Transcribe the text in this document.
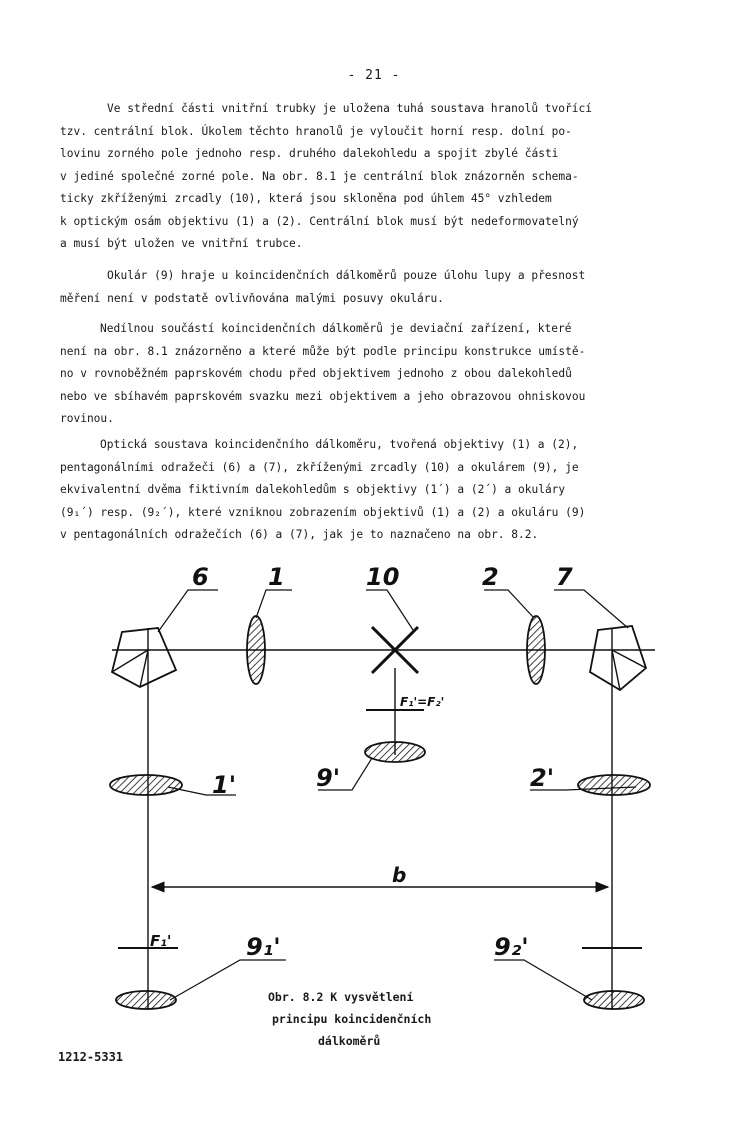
- 21 -
Ve střední části vnitřní trubky je uložena tuhá soustava hranolů tvořící
tzv. centrální blok. Úkolem těchto hranolů je vyloučit horní resp. dolní po-
lovinu zorného pole jednoho resp. druhého dalekohledu a spojit zbylé části
v jediné společné zorné pole. Na obr. 8.1 je centrální blok znázorněn schema-
ticky zkříženými zrcadly (10), která jsou skloněna pod úhlem 45° vzhledem
k optickým osám objektivu (1) a (2). Centrální blok musí být nedeformovatelný
a musí být uložen ve vnitřní trubce.
Okulár (9) hraje u koincidenčních dálkoměrů pouze úlohu lupy a přesnost
měření není v podstatě ovlivňována malými posuvy okuláru.
Nedílnou součástí koincidenčních dálkoměrů je deviační zařízení, které
není na obr. 8.1 znázorněno a které může být podle principu konstrukce umístě-
no v rovnoběžném paprskovém chodu před objektivem jednoho z obou dalekohledů
nebo ve sbíhavém paprskovém svazku mezi objektivem a jeho obrazovou ohniskovou
rovinou.
Optická soustava koincidenčního dálkoměru, tvořená objektivy (1) a (2),
pentagonálními odražeči (6) a (7), zkříženými zrcadly (10) a okulárem (9), je
ekvivalentní dvěma fiktivním dalekohledům s objektivy (1´) a (2´) a okuláry
(9₁´) resp. (9₂´), které vzniknou zobrazením objektivů (1) a (2) a okuláru (9)
v pentagonálních odražečích (6) a (7), jak je to naznačeno na obr. 8.2.
6 1	10	2 7
F₁'=F₂'
9'
1'	2'
b
F₁'	9₁'	9₂'
Obr. 8.2 K vysvětlení
principu koincidenčních
dálkoměrů
1212-5331
